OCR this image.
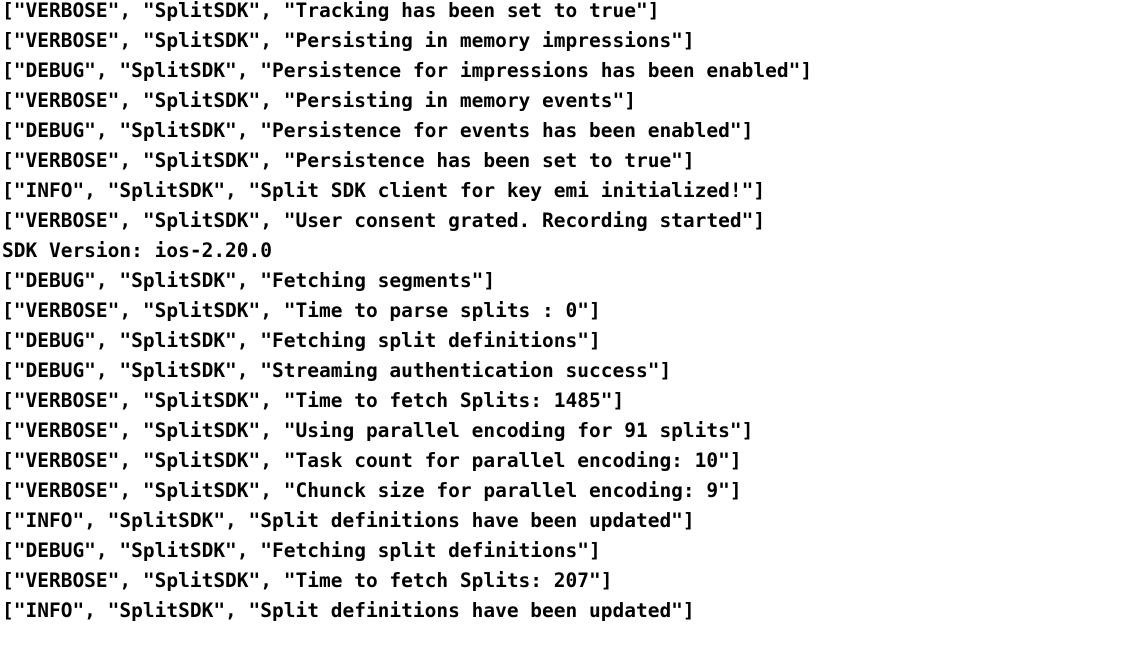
["VERBOSE", "SplitSDK", "Tracking has been set to true"]
["VERBOSE", "SplitSDK", "Persisting in memory impressions"]
["DEBUG", "SplitSDK", "Persistence for impressions has been enabled"]
["VERBOSE", "SplitSDK", "Persisting in memory events"]
["DEBUG", "SplitSDK", "Persistence for events has been enabled"]
["VERBOSE", "SplitSDK", "Persistence has been set to true"]
["INFO", "SplitSDK", "Split SDK client for key emi initialized!"]
["VERBOSE", "SplitSDK", "User consent grated. Recording started"]
SDK Version: ios-2.20.0
["DEBUG", "SplitSDK", "Fetching segments"]
["VERBOSE", "SplitSDK", "Time to parse splits : 0"]
["DEBUG", "SplitSDK", "Fetching split definitions"]
["DEBUG", "SplitSDK", "Streaming authentication success"]
["VERBOSE", "SplitSDK", "Time to fetch Splits: 1485"]
["VERBOSE", "SplitSDK", "Using parallel encoding for 91 splits"]
["VERBOSE", "SplitSDK", "Task count for parallel encoding: 10"]
["VERBOSE", "SplitSDK", "Chunck size for parallel encoding: 9"]
["INFO", "SplitSDK", "Split definitions have been updated"]
["DEBUG", "SplitSDK", "Fetching split definitions"]
["VERBOSE", "SplitSDK", "Time to fetch Splits: 207"]
["INFO", "SplitSDK", "Split definitions have been updated"]
